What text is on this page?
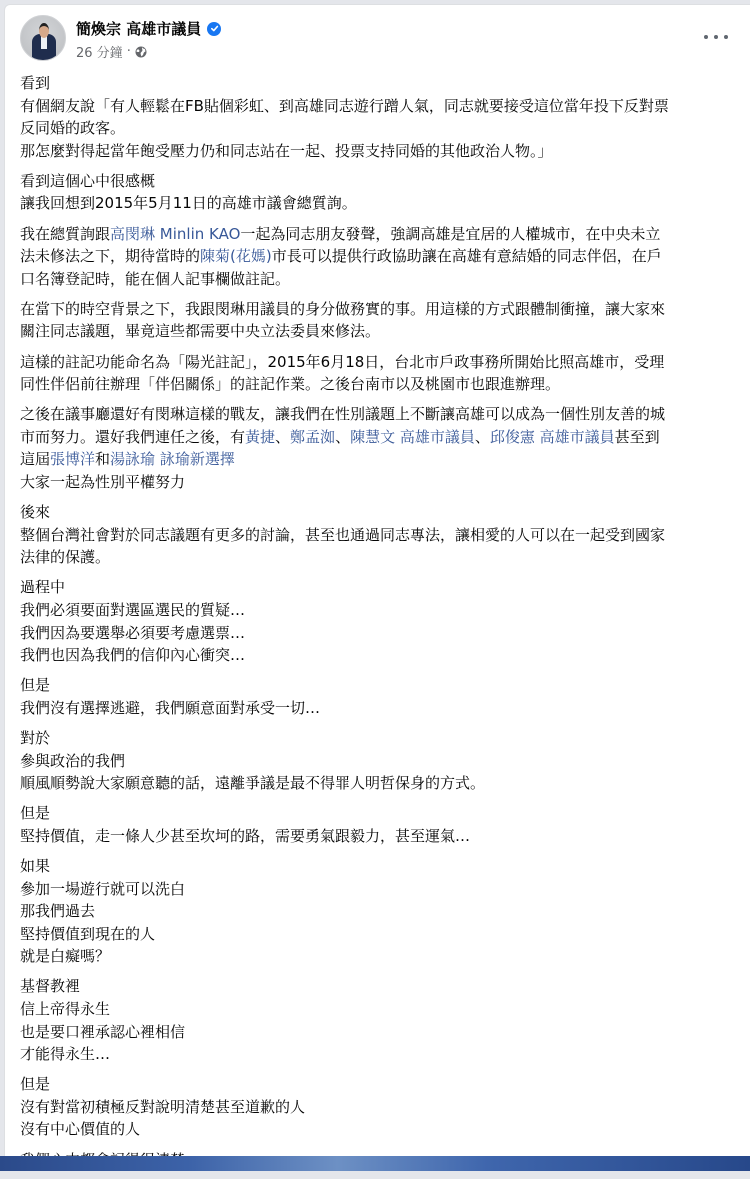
簡煥宗 高雄市議員
26 分鐘 ·
看到
有個網友說「有人輕鬆在FB貼個彩虹、到高雄同志遊行蹭人氣，同志就要接受這位當年投下反對票
反同婚的政客。
那怎麼對得起當年飽受壓力仍和同志站在一起、投票支持同婚的其他政治人物。」
看到這個心中很感概
讓我回想到2015年5月11日的高雄市議會總質詢。
我在總質詢跟高閔琳 Minlin KAO一起為同志朋友發聲，強調高雄是宜居的人權城市，在中央未立
法未修法之下，期待當時的陳菊(花媽)市長可以提供行政協助讓在高雄有意結婚的同志伴侶，在戶
口名簿登記時，能在個人記事欄做註記。
在當下的時空背景之下，我跟閔琳用議員的身分做務實的事。用這樣的方式跟體制衝撞，讓大家來
關注同志議題，畢竟這些都需要中央立法委員來修法。
這樣的註記功能命名為「陽光註記」，2015年6月18日，台北市戶政事務所開始比照高雄市，受理
同性伴侶前往辦理「伴侶關係」的註記作業。之後台南市以及桃園市也跟進辦理。
之後在議事廳還好有閔琳這樣的戰友，讓我們在性別議題上不斷讓高雄可以成為一個性別友善的城
市而努力。還好我們連任之後，有黃捷、鄭孟洳、陳慧文 高雄市議員、邱俊憲 高雄市議員甚至到
這屆張博洋和湯詠瑜 詠瑜新選擇
大家一起為性別平權努力
後來
整個台灣社會對於同志議題有更多的討論，甚至也通過同志專法，讓相愛的人可以在一起受到國家
法律的保護。
過程中
我們必須要面對選區選民的質疑…
我們因為要選舉必須要考慮選票…
我們也因為我們的信仰內心衝突…
但是
我們沒有選擇逃避，我們願意面對承受一切…
對於
參與政治的我們
順風順勢說大家願意聽的話，遠離爭議是最不得罪人明哲保身的方式。
但是
堅持價值，走一條人少甚至坎坷的路，需要勇氣跟毅力，甚至運氣…
如果
參加一場遊行就可以洗白
那我們過去
堅持價值到現在的人
就是白癡嗎？
基督教裡
信上帝得永生
也是要口裡承認心裡相信
才能得永生…
但是
沒有對當初積極反對說明清楚甚至道歉的人
沒有中心價值的人
